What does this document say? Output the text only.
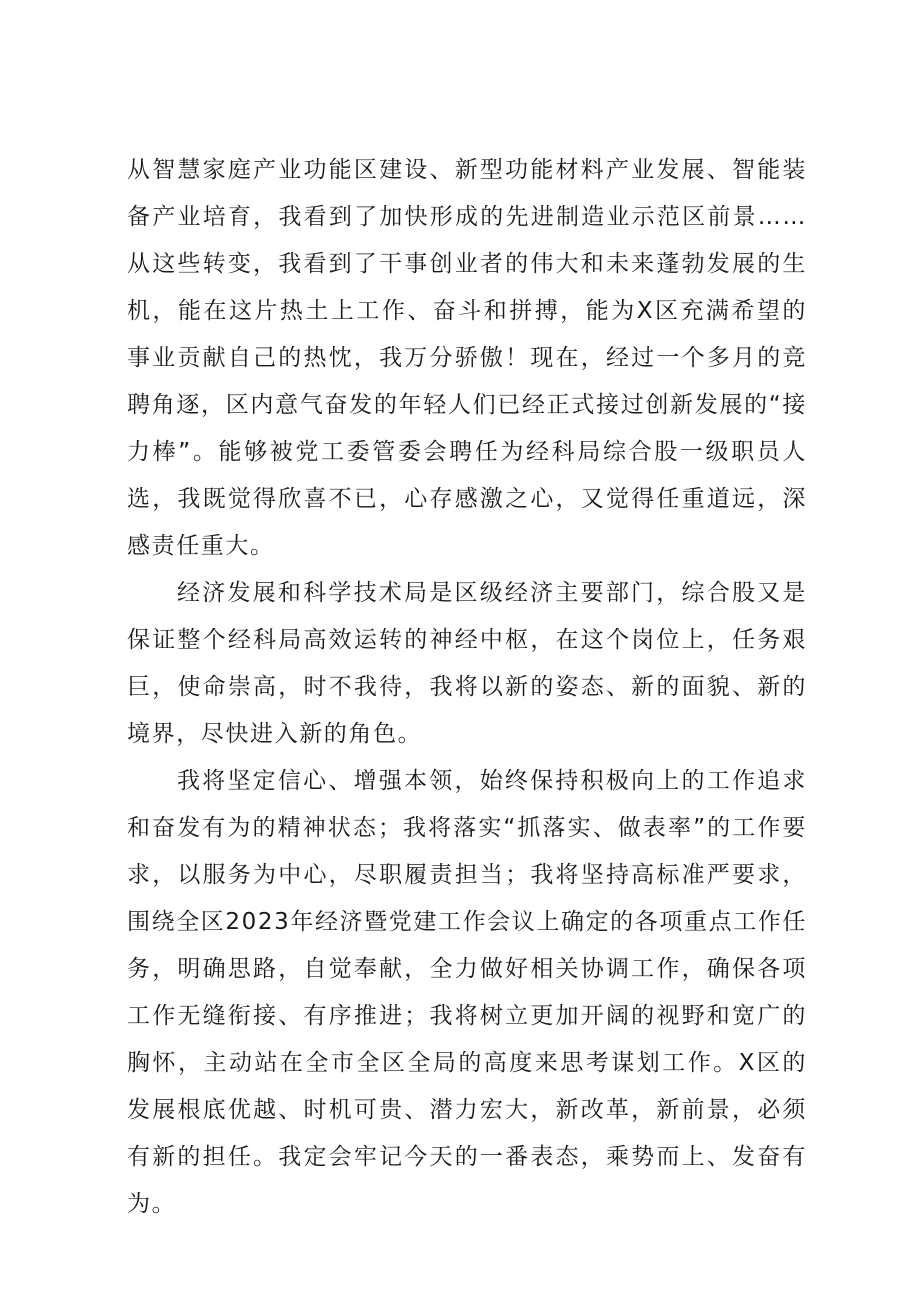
从智慧家庭产业功能区建设、新型功能材料产业发展、智能装备产业培育，我看到了加快形成的先进制造业示范区前景……从这些转变，我看到了干事创业者的伟大和未来蓬勃发展的生机，能在这片热土上工作、奋斗和拼搏，能为X区充满希望的事业贡献自己的热忱，我万分骄傲！现在，经过一个多月的竞聘角逐，区内意气奋发的年轻人们已经正式接过创新发展的“接力棒”。能够被党工委管委会聘任为经科局综合股一级职员人选，我既觉得欣喜不已，心存感激之心，又觉得任重道远，深感责任重大。

经济发展和科学技术局是区级经济主要部门，综合股又是保证整个经科局高效运转的神经中枢，在这个岗位上，任务艰巨，使命崇高，时不我待，我将以新的姿态、新的面貌、新的境界，尽快进入新的角色。

我将坚定信心、增强本领，始终保持积极向上的工作追求和奋发有为的精神状态；我将落实“抓落实、做表率”的工作要求，以服务为中心，尽职履责担当；我将坚持高标准严要求，围绕全区2023年经济暨党建工作会议上确定的各项重点工作任务，明确思路，自觉奉献，全力做好相关协调工作，确保各项工作无缝衔接、有序推进；我将树立更加开阔的视野和宽广的胸怀，主动站在全市全区全局的高度来思考谋划工作。X区的发展根底优越、时机可贵、潜力宏大，新改革，新前景，必须有新的担任。我定会牢记今天的一番表态，乘势而上、发奋有为。
